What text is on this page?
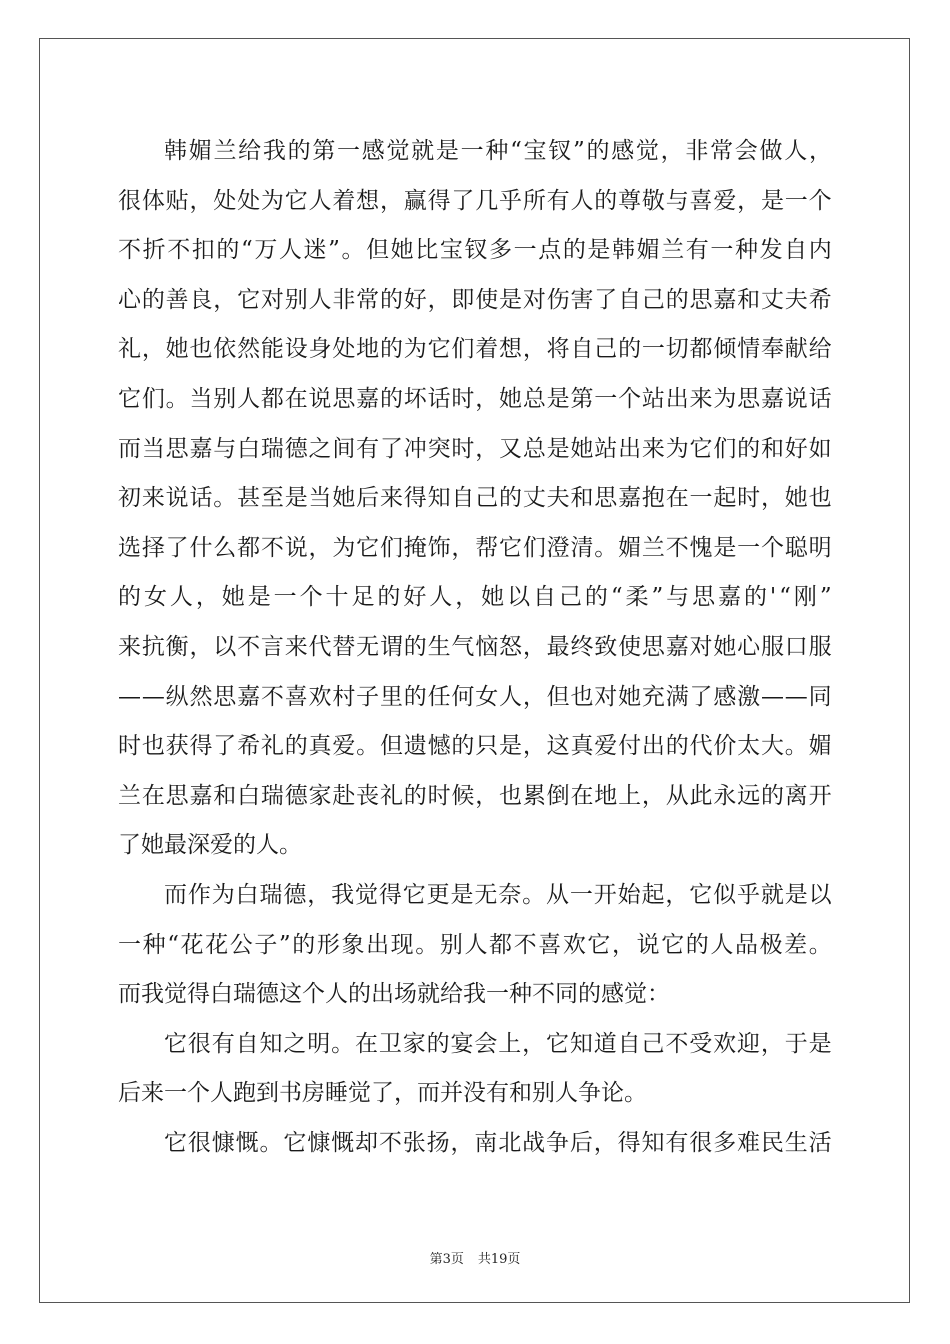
韩 媚 兰 给 我 的 第 一 感 觉 就 是 一 种 “ 宝 钗 ” 的 感 觉 ， 非 常 会 做 人 ，
很 体 贴 ， 处 处 为 它 人 着 想 ， 赢 得 了 几 乎 所 有 人 的 尊 敬 与 喜 爱 ， 是 一 个
不 折 不 扣 的 “ 万 人 迷 ” 。 但 她 比 宝 钗 多 一 点 的 是 韩 媚 兰 有 一 种 发 自 内
心 的 善 良 ， 它 对 别 人 非 常 的 好 ， 即 使 是 对 伤 害 了 自 己 的 思 嘉 和 丈 夫 希
礼 ， 她 也 依 然 能 设 身 处 地 的 为 它 们 着 想 ， 将 自 己 的 一 切 都 倾 情 奉 献 给
它 们 。 当 别 人 都 在 说 思 嘉 的 坏 话 时 ， 她 总 是 第 一 个 站 出 来 为 思 嘉 说 话
而 当 思 嘉 与 白 瑞 德 之 间 有 了 冲 突 时 ， 又 总 是 她 站 出 来 为 它 们 的 和 好 如
初 来 说 话 。 甚 至 是 当 她 后 来 得 知 自 己 的 丈 夫 和 思 嘉 抱 在 一 起 时 ， 她 也
选 择 了 什 么 都 不 说 ， 为 它 们 掩 饰 ， 帮 它 们 澄 清 。 媚 兰 不 愧 是 一 个 聪 明
的 女 人 ， 她 是 一 个 十 足 的 好 人 ， 她 以 自 己 的 “ 柔 ” 与 思 嘉 的 ' “ 刚 ”
来 抗 衡 ， 以 不 言 来 代 替 无 谓 的 生 气 恼 怒 ， 最 终 致 使 思 嘉 对 她 心 服 口 服
— — 纵 然 思 嘉 不 喜 欢 村 子 里 的 任 何 女 人 ， 但 也 对 她 充 满 了 感 激 — — 同
时 也 获 得 了 希 礼 的 真 爱 。 但 遗 憾 的 只 是 ， 这 真 爱 付 出 的 代 价 太 大 。 媚
兰 在 思 嘉 和 白 瑞 德 家 赴 丧 礼 的 时 候 ， 也 累 倒 在 地 上 ， 从 此 永 远 的 离 开
了她最深爱的人。
而 作 为 白 瑞 德 ， 我 觉 得 它 更 是 无 奈 。 从 一 开 始 起 ， 它 似 乎 就 是 以
一 种 “ 花 花 公 子 ” 的 形 象 出 现 。 别 人 都 不 喜 欢 它 ， 说 它 的 人 品 极 差 。
而我觉得白瑞德这个人的出场就给我一种不同的感觉：
它 很 有 自 知 之 明 。 在 卫 家 的 宴 会 上 ， 它 知 道 自 己 不 受 欢 迎 ， 于 是
后来一个人跑到书房睡觉了，而并没有和别人争论。
它 很 慷 慨 。 它 慷 慨 却 不 张 扬 ， 南 北 战 争 后 ， 得 知 有 很 多 难 民 生 活
第3页 共19页
